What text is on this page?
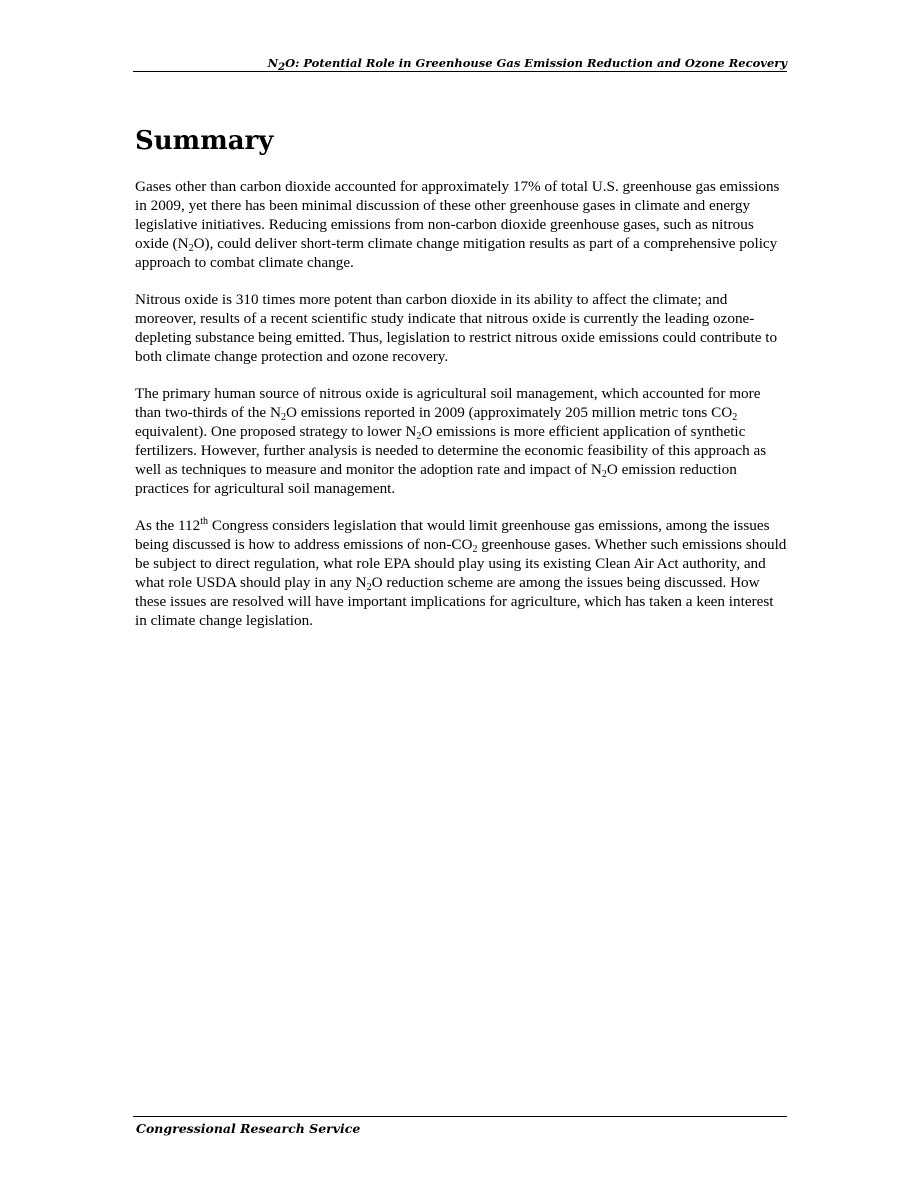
$N_2O$: Potential Role in Greenhouse Gas Emission Reduction and Ozone Recovery
Summary

Gases other than carbon dioxide accounted for approximately 17% of total U.S. greenhouse gas emissions in 2009, yet there has been minimal discussion of these other greenhouse gases in climate and energy legislative initiatives. Reducing emissions from non-carbon dioxide greenhouse gases, such as nitrous oxide $(N_2O)$, could deliver short-term climate change mitigation results as part of a comprehensive policy approach to combat climate change.

Nitrous oxide is 310 times more potent than carbon dioxide in its ability to affect the climate; and moreover, results of a recent scientific study indicate that nitrous oxide is currently the leading ozone-depleting substance being emitted. Thus, legislation to restrict nitrous oxide emissions could contribute to both climate change protection and ozone recovery.

The primary human source of nitrous oxide is agricultural soil management, which accounted for more than two-thirds of the $N_2O$ emissions reported in 2009 (approximately 205 million metric tons $CO_2$ equivalent). One proposed strategy to lower $N_2O$ emissions is more efficient application of synthetic fertilizers. However, further analysis is needed to determine the economic feasibility of this approach as well as techniques to measure and monitor the adoption rate and impact of $N_2O$ emission reduction practices for agricultural soil management.

As the 112th Congress considers legislation that would limit greenhouse gas emissions, among the issues being discussed is how to address emissions of non-$CO_2$ greenhouse gases. Whether such emissions should be subject to direct regulation, what role EPA should play using its existing Clean Air Act authority, and what role USDA should play in any $N_2O$ reduction scheme are among the issues being discussed. How these issues are resolved will have important implications for agriculture, which has taken a keen interest in climate change legislation.

Congressional Research Service
